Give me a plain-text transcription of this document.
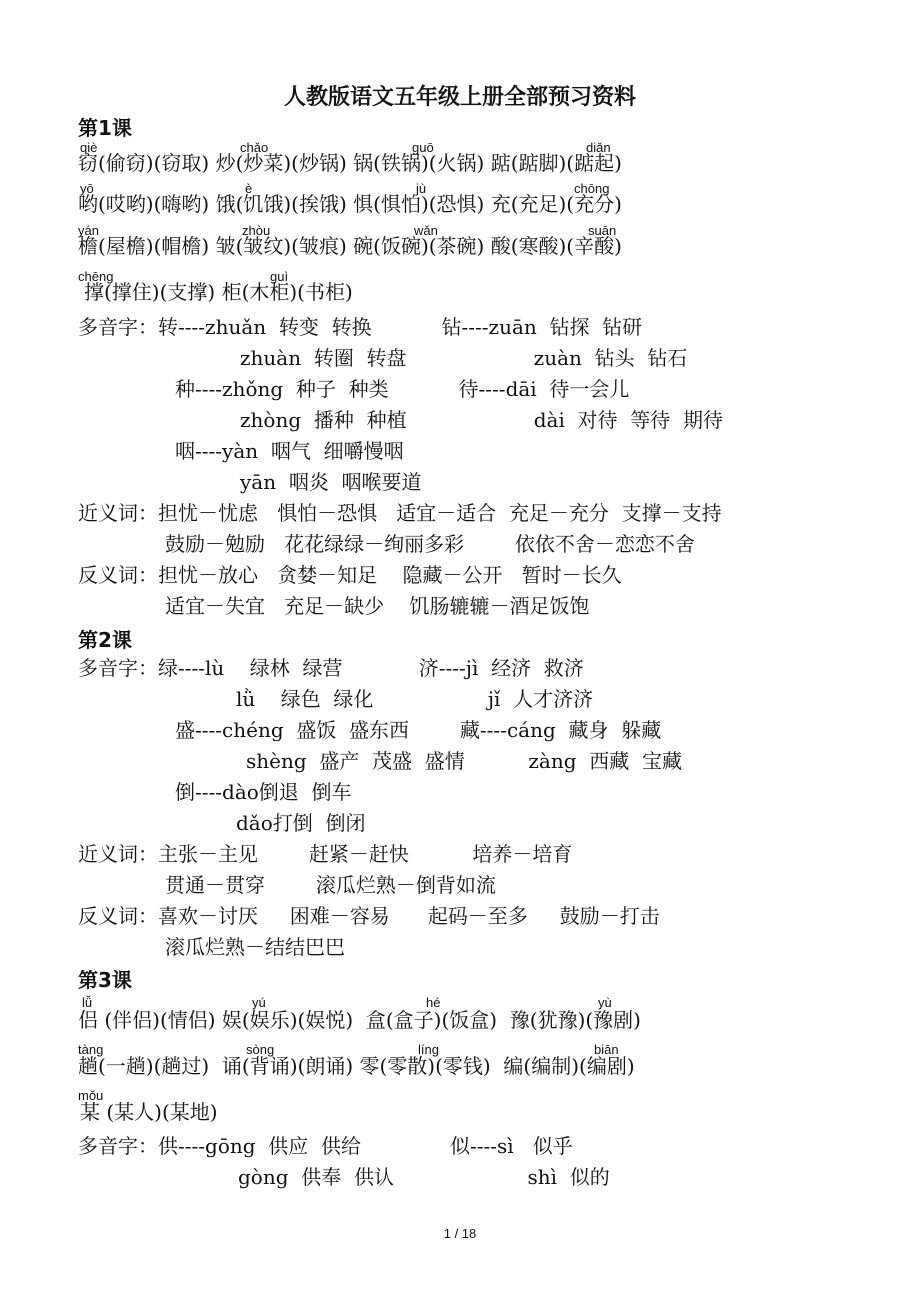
人教版语文五年级上册全部预习资料
第1课
qiè	chǎo	guō	diǎn
窃(偷窃)(窃取) 炒(炒菜)(炒锅) 锅(铁锅)(火锅) 踮(踮脚)(踮起)
yō	è	jù	chōng
哟(哎哟)(嗨哟) 饿(饥饿)(挨饿) 惧(惧怕)(恐惧) 充(充足)(充分)
yán	zhòu	wǎn	suān
檐(屋檐)(帽檐) 皱(皱纹)(皱痕) 碗(饭碗)(茶碗) 酸(寒酸)(辛酸)
chēng	guì
撑(撑住)(支撑) 柜(木柜)(书柜)
多音字：转----zhuǎn  转变  转换           钻----zuān  钻探  钻研
zhuàn  转圈  转盘                    zuàn  钻头  钻石
种----zhǒng  种子  种类           待----dāi  待一会儿
zhòng  播种  种植                    dài  对待  等待  期待
咽----yàn  咽气  细嚼慢咽
yān  咽炎  咽喉要道
近义词：担忧－忧虑   惧怕－恐惧   适宜－适合  充足－充分  支撑－支持
鼓励－勉励   花花绿绿－绚丽多彩        依依不舍－恋恋不舍
反义词：担忧－放心   贪婪－知足    隐藏－公开   暂时－长久
适宜－失宜   充足－缺少    饥肠辘辘－酒足饭饱
第2课
多音字：绿----lù    绿林  绿营            济----jì  经济  救济
lǜ    绿色  绿化                  jǐ  人才济济
盛----chéng  盛饭  盛东西        藏----cáng  藏身  躲藏
shèng  盛产  茂盛  盛情          zàng  西藏  宝藏
倒----dào倒退  倒车
dǎo打倒  倒闭
近义词：主张－主见        赶紧－赶快          培养－培育
贯通－贯穿        滚瓜烂熟－倒背如流
反义词：喜欢－讨厌     困难－容易      起码－至多     鼓励－打击
滚瓜烂熟－结结巴巴
第3课
lǚ	yú	hé	yù
侣 (伴侣)(情侣) 娱(娱乐)(娱悦)  盒(盒子)(饭盒)  豫(犹豫)(豫剧)
tàng	sòng	líng	biān
趟(一趟)(趟过)  诵(背诵)(朗诵) 零(零散)(零钱)  编(编制)(编剧)
mǒu
某 (某人)(某地)
多音字：供----gōng  供应  供给              似----sì   似乎
gòng  供奉  供认                     shì  似的
1 / 18
